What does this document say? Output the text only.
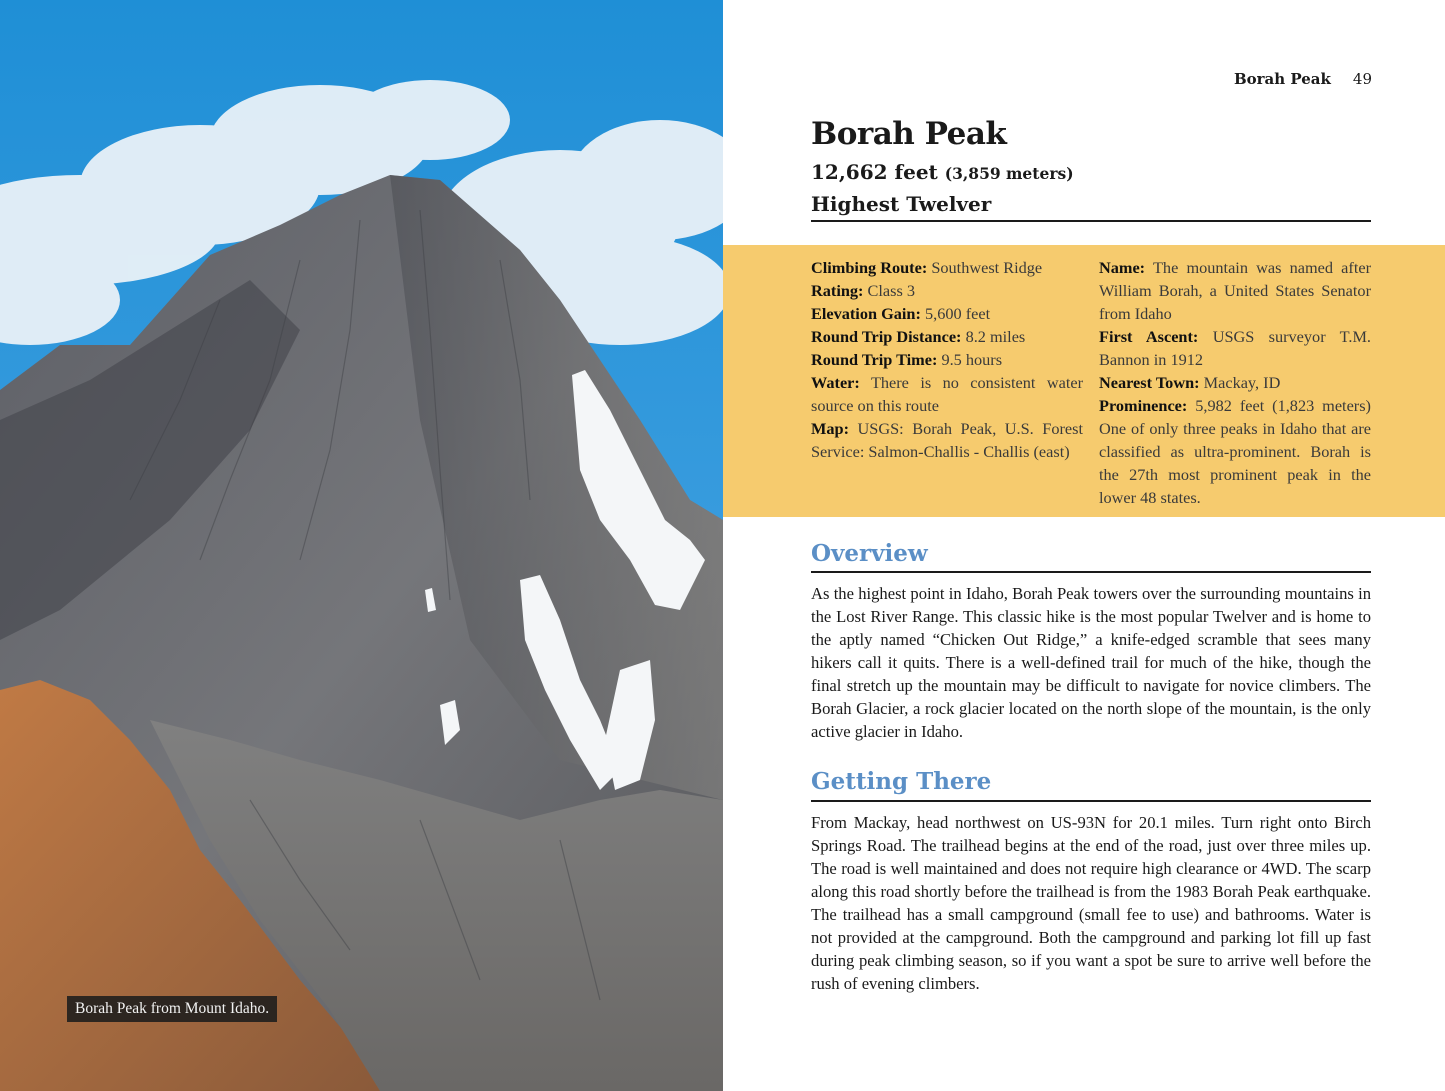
Borah Peak from Mount Idaho.
Borah Peak 49
Borah Peak
12,662 feet (3,859 meters)
Highest Twelver

Climbing Route: Southwest Ridge

Rating: Class 3

Elevation Gain: 5,600 feet

Round Trip Distance: 8.2 miles

Round Trip Time: 9.5 hours

Water: There is no consistent water source on this route

Map: USGS: Borah Peak, U.S. Forest Service: Salmon-Challis - Challis (east)

Name: The mountain was named after William Borah, a United States Senator from Idaho

First Ascent: USGS surveyor T.M. Bannon in 1912

Nearest Town: Mackay, ID

Prominence: 5,982 feet (1,823 meters) One of only three peaks in Idaho that are classified as ultra-prominent. Borah is the 27th most prominent peak in the lower 48 states.

Overview

As the highest point in Idaho, Borah Peak towers over the surrounding mountains in the Lost River Range. This classic hike is the most popular Twelver and is home to the aptly named “Chicken Out Ridge,” a knife-edged scramble that sees many hikers call it quits. There is a well-defined trail for much of the hike, though the final stretch up the mountain may be difficult to navigate for novice climbers. The Borah Glacier, a rock glacier located on the north slope of the mountain, is the only active glacier in Idaho.

Getting There

From Mackay, head northwest on US-93N for 20.1 miles. Turn right onto Birch Springs Road. The trailhead begins at the end of the road, just over three miles up. The road is well maintained and does not require high clearance or 4WD. The scarp along this road shortly before the trailhead is from the 1983 Borah Peak earthquake. The trailhead has a small campground (small fee to use) and bathrooms. Water is not provided at the campground. Both the campground and parking lot fill up fast during peak climbing season, so if you want a spot be sure to arrive well before the rush of evening climbers.
